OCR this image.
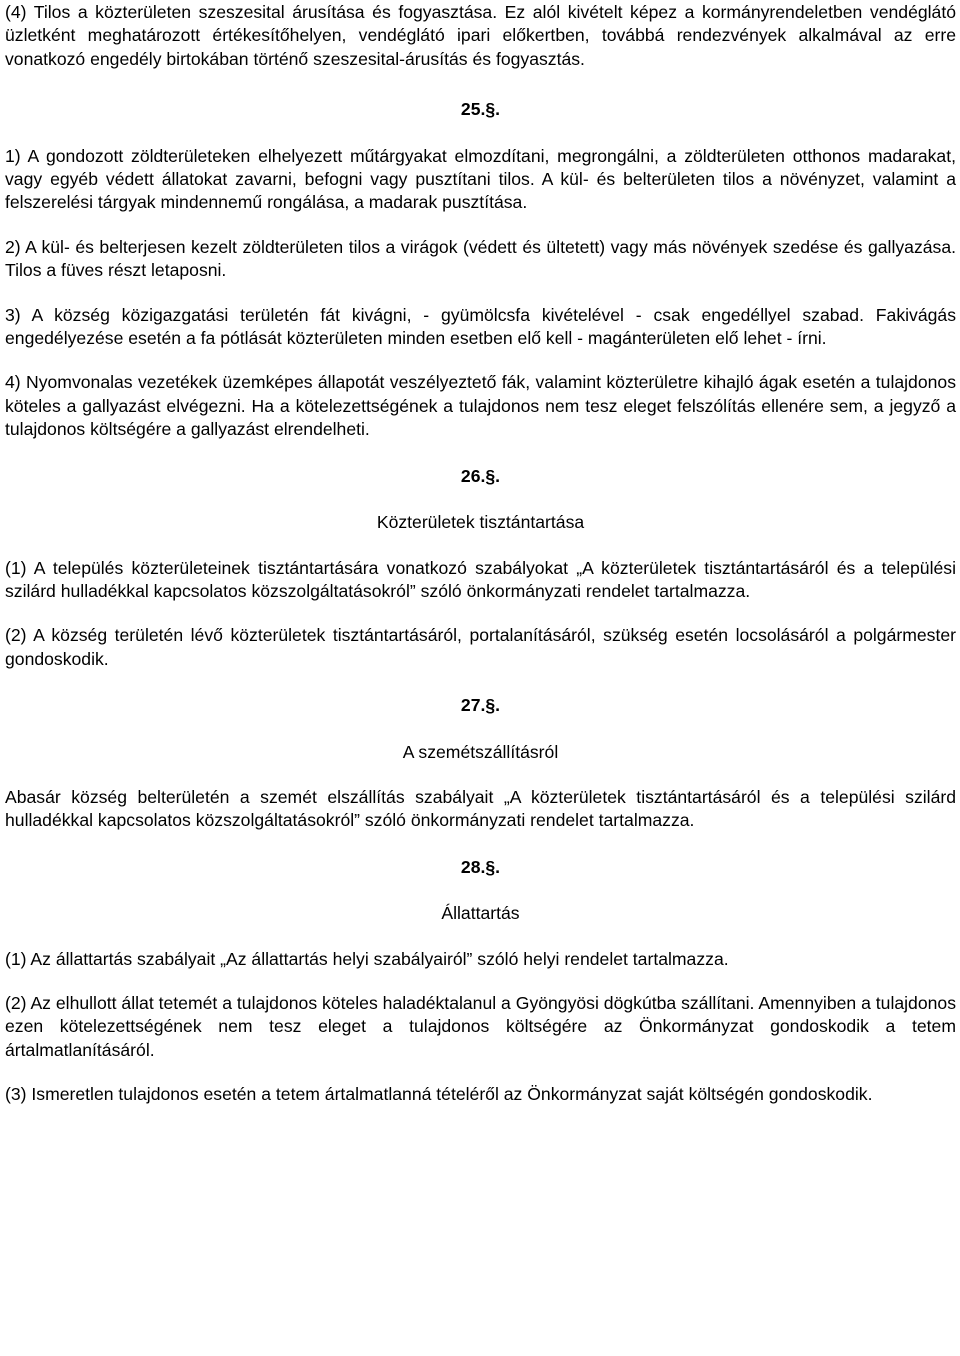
(4) Tilos a közterületen szeszesital árusítása és fogyasztása. Ez alól kivételt képez a kormányrendeletben vendéglátó üzletként meghatározott értékesítőhelyen, vendéglátó ipari előkertben, továbbá rendezvények alkalmával az erre vonatkozó engedély birtokában történő szeszesital-árusítás és fogyasztás.

25.§.

1) A gondozott zöldterületeken elhelyezett műtárgyakat elmozdítani, megrongálni, a zöldterületen otthonos madarakat, vagy egyéb védett állatokat zavarni, befogni vagy pusztítani tilos. A kül- és belterületen tilos a növényzet, valamint a felszerelési tárgyak mindennemű rongálása, a madarak pusztítása.

2) A kül- és belterjesen kezelt zöldterületen tilos a virágok (védett és ültetett) vagy más növények szedése és gallyazása. Tilos a füves részt letaposni.

3) A község közigazgatási területén fát kivágni, - gyümölcsfa kivételével - csak engedéllyel szabad. Fakivágás engedélyezése esetén a fa pótlását közterületen minden esetben elő kell - magánterületen elő lehet - írni.

4) Nyomvonalas vezetékek üzemképes állapotát veszélyeztető fák, valamint közterületre kihajló ágak esetén a tulajdonos köteles a gallyazást elvégezni. Ha a kötelezettségének a tulajdonos nem tesz eleget felszólítás ellenére sem, a jegyző a tulajdonos költségére a gallyazást elrendelheti.

26.§.

Közterületek tisztántartása

(1) A település közterületeinek tisztántartására vonatkozó szabályokat „A közterületek tisztántartásáról és a települési szilárd hulladékkal kapcsolatos közszolgáltatásokról” szóló önkormányzati rendelet tartalmazza.

(2) A község területén lévő közterületek tisztántartásáról, portalanításáról, szükség esetén locsolásáról a polgármester gondoskodik.

27.§.

A szemétszállításról

Abasár község belterületén a szemét elszállítás szabályait „A közterületek tisztántartásáról és a települési szilárd hulladékkal kapcsolatos közszolgáltatásokról” szóló önkormányzati rendelet tartalmazza.

28.§.

Állattartás

(1) Az állattartás szabályait „Az állattartás helyi szabályairól” szóló helyi rendelet tartalmazza.

(2) Az elhullott állat tetemét a tulajdonos köteles haladéktalanul a Gyöngyösi dögkútba szállítani. Amennyiben a tulajdonos ezen kötelezettségének nem tesz eleget a tulajdonos költségére az Önkormányzat gondoskodik a tetem ártalmatlanításáról.

(3) Ismeretlen tulajdonos esetén a tetem ártalmatlanná tételéről az Önkormányzat saját költségén gondoskodik.
